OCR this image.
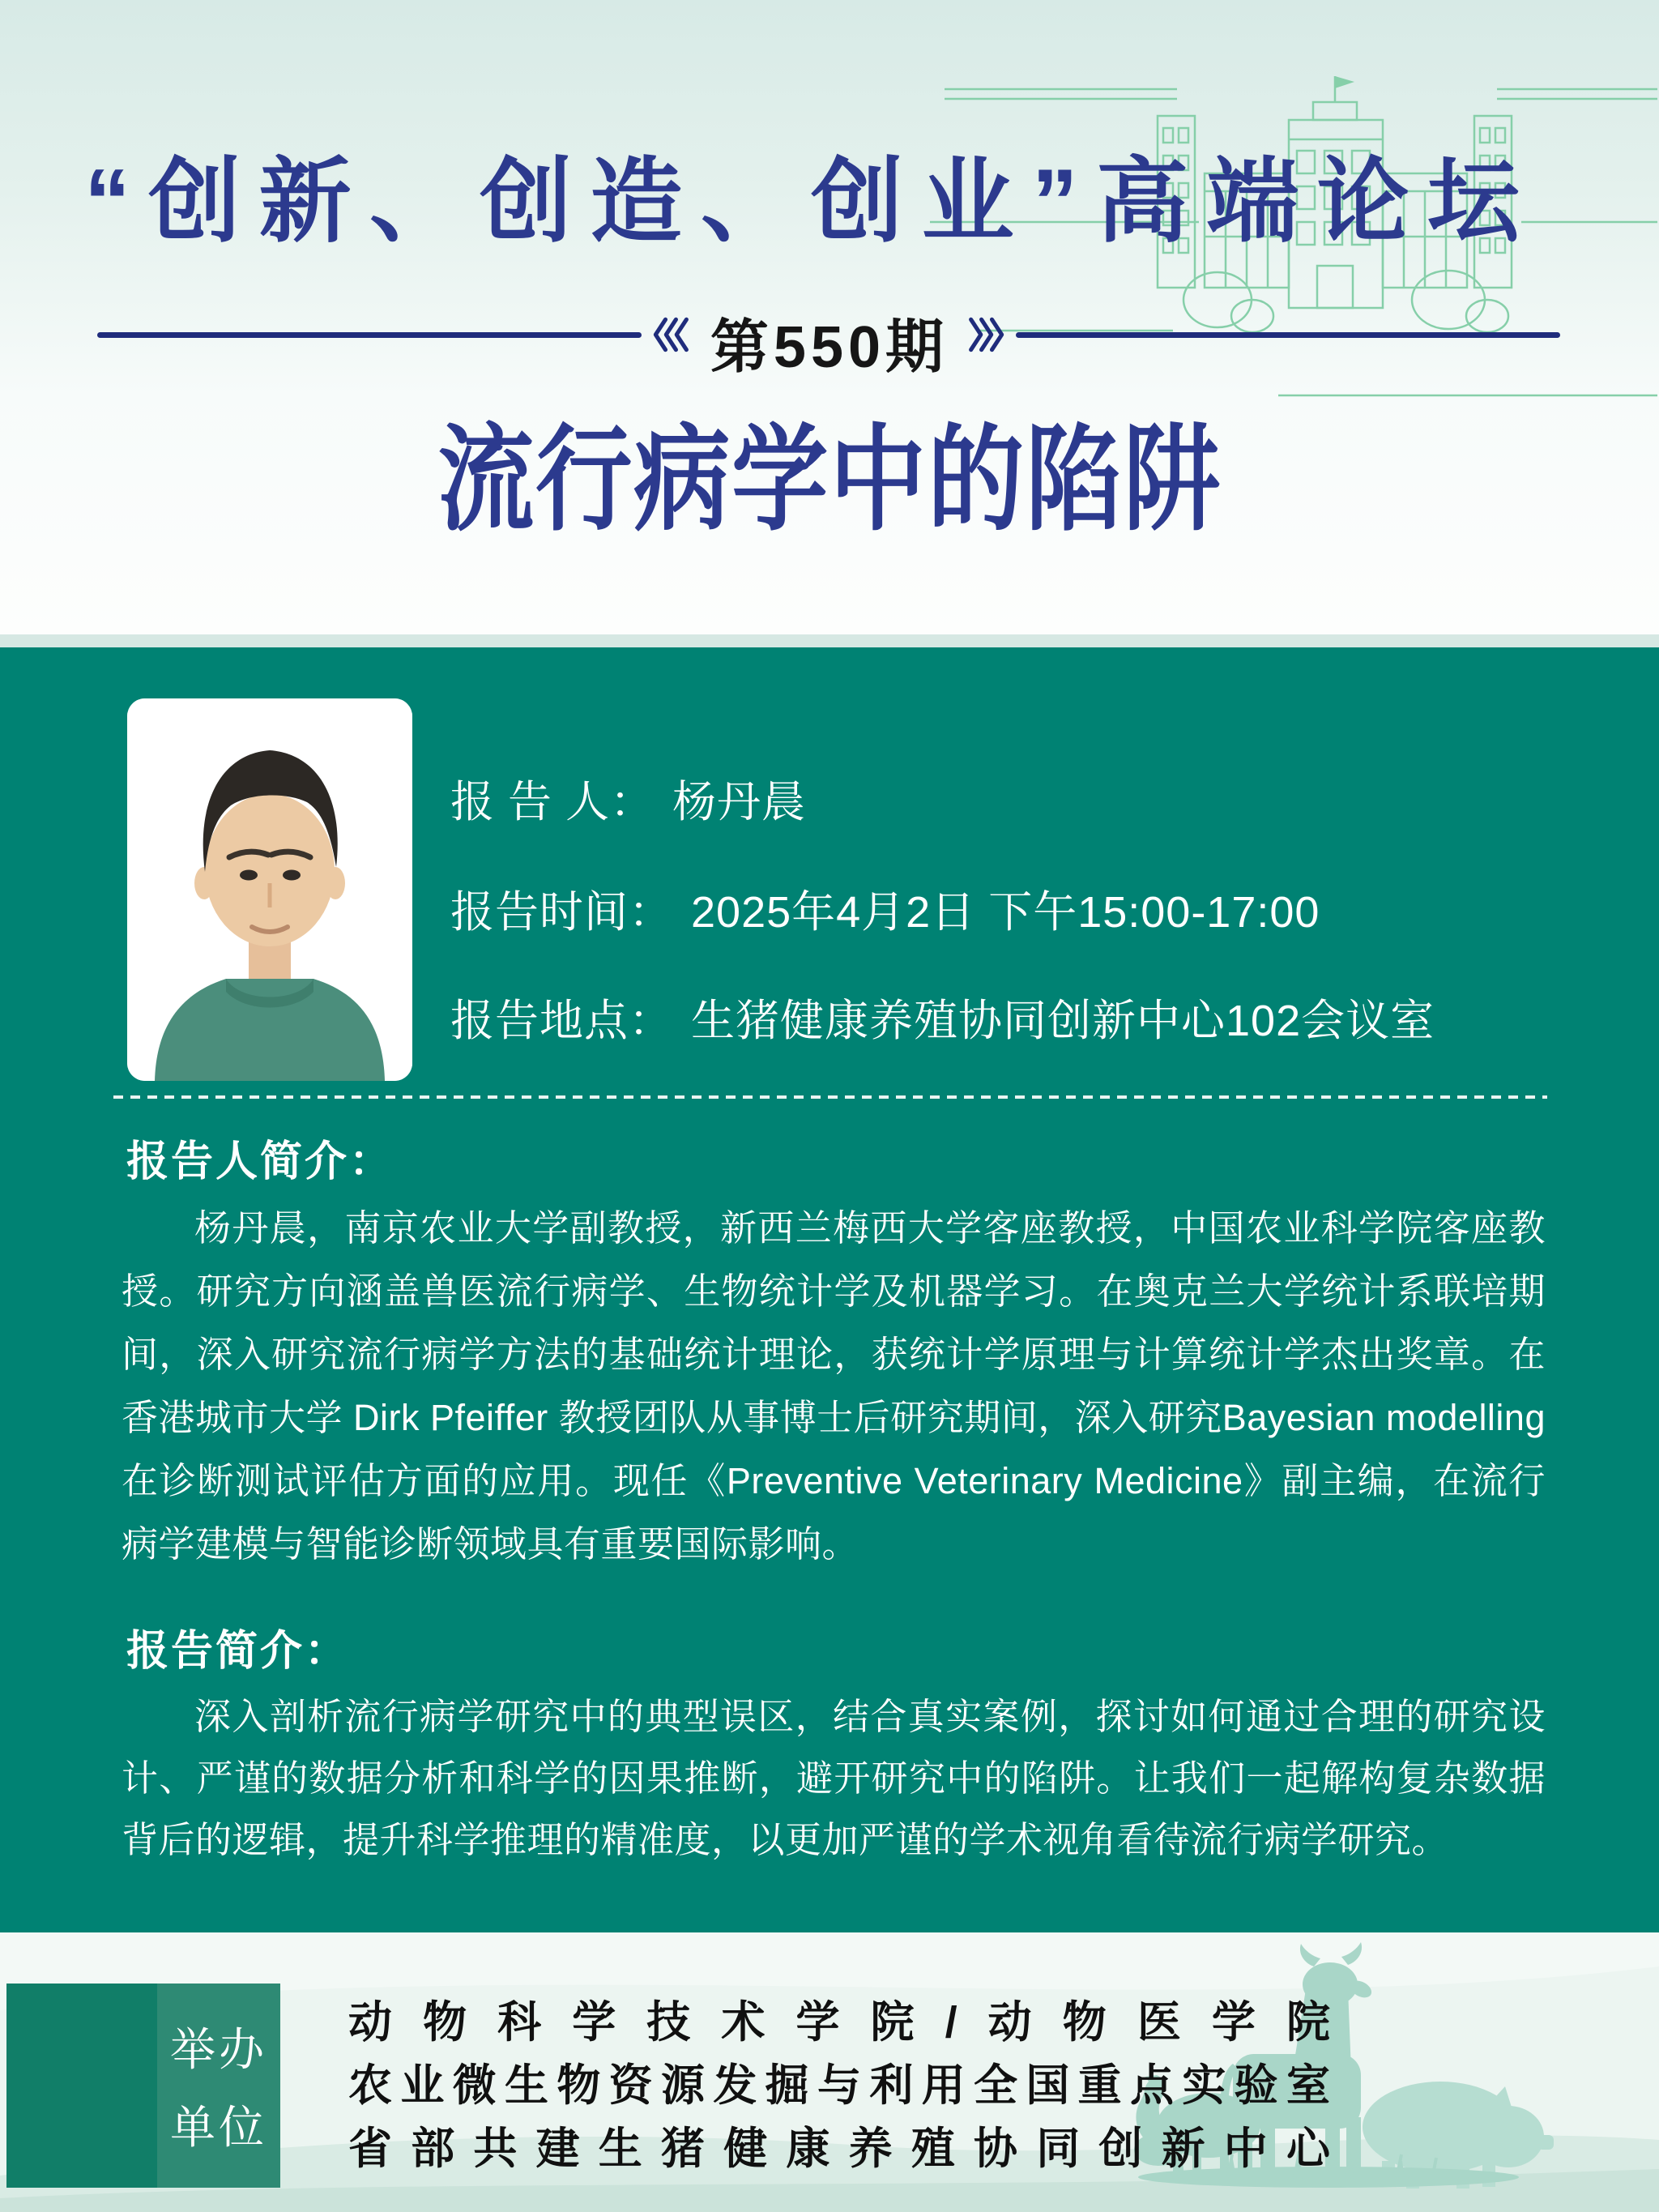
“创新、创造、创业”高端论坛
第550期
流行病学中的陷阱
报 告 人： 杨丹晨
报告时间： 2025年4月2日 下午15:00-17:00
报告地点： 生猪健康养殖协同创新中心102会议室
报告人简介：

杨丹晨，南京农业大学副教授，新西兰梅西大学客座教授，中国农业科学院客座教授。研究方向涵盖兽医流行病学、生物统计学及机器学习。在奥克兰大学统计系联培期间，深入研究流行病学方法的基础统计理论，获统计学原理与计算统计学杰出奖章。在香港城市大学 Dirk Pfeiffer 教授团队从事博士后研究期间，深入研究Bayesian modelling在诊断测试评估方面的应用。现任《Preventive Veterinary Medicine》副主编，在流行病学建模与智能诊断领域具有重要国际影响。

报告简介：

深入剖析流行病学研究中的典型误区，结合真实案例，探讨如何通过合理的研究设计、严谨的数据分析和科学的因果推断，避开研究中的陷阱。让我们一起解构复杂数据背后的逻辑，提升科学推理的精准度，以更加严谨的学术视角看待流行病学研究。

举办
单位
动物科学技术学院/动物医学院
农业微生物资源发掘与利用全国重点实验室
省部共建生猪健康养殖协同创新中心
